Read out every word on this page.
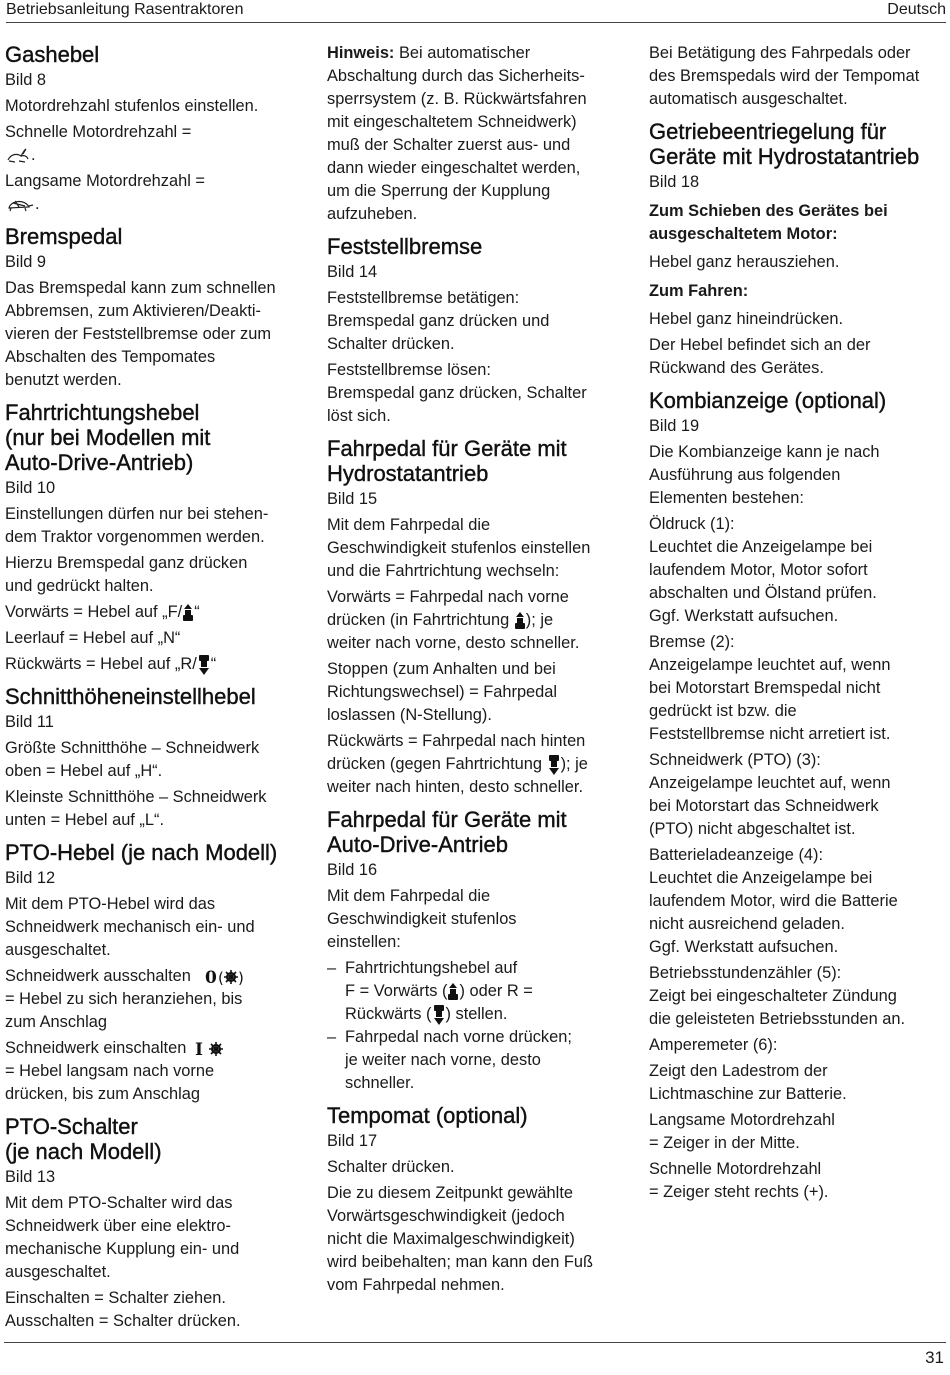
Betriebsanleitung Rasentraktoren	Deutsch
Gashebel

Bild 8

Motordrehzahl stufenlos einstellen.

Schnelle Motordrehzahl =
.

Langsame Motordrehzahl =
.

Bremspedal

Bild 9

Das Bremspedal kann zum schnellen
Abbremsen, zum Aktivieren/Deakti-
vieren der Feststellbremse oder zum
Abschalten des Tempomates
benutzt werden.

Fahrtrichtungshebel
(nur bei Modellen mit
Auto-Drive-Antrieb)

Bild 10

Einstellungen dürfen nur bei stehen-
dem Traktor vorgenommen werden.

Hierzu Bremspedal ganz drücken
und gedrückt halten.

Vorwärts = Hebel auf „F/ “

Leerlauf = Hebel auf „N“

Rückwärts = Hebel auf „R/ “

Schnitthöheneinstellhebel

Bild 11

Größte Schnitthöhe – Schneidwerk
oben = Hebel auf „H“.

Kleinste Schnitthöhe – Schneidwerk
unten = Hebel auf „L“.

PTO-Hebel (je nach Modell)

Bild 12

Mit dem PTO-Hebel wird das
Schneidwerk mechanisch ein- und
ausgeschaltet.

Schneidwerk ausschalten 0 ( )

= Hebel zu sich heranziehen, bis
zum Anschlag

Schneidwerk einschalten I

= Hebel langsam nach vorne
drücken, bis zum Anschlag

PTO-Schalter
(je nach Modell)

Bild 13

Mit dem PTO-Schalter wird das
Schneidwerk über eine elektro-
mechanische Kupplung ein- und
ausgeschaltet.

Einschalten = Schalter ziehen.

Ausschalten = Schalter drücken.

Hinweis: Bei automatischer
Abschaltung durch das Sicherheits-
sperrsystem (z. B. Rückwärtsfahren
mit eingeschaltetem Schneidwerk)
muß der Schalter zuerst aus- und
dann wieder eingeschaltet werden,
um die Sperrung der Kupplung
aufzuheben.

Feststellbremse

Bild 14

Feststellbremse betätigen:
Bremspedal ganz drücken und
Schalter drücken.

Feststellbremse lösen:
Bremspedal ganz drücken, Schalter
löst sich.

Fahrpedal für Geräte mit
Hydrostatantrieb

Bild 15

Mit dem Fahrpedal die
Geschwindigkeit stufenlos einstellen
und die Fahrtrichtung wechseln:

Vorwärts = Fahrpedal nach vorne
drücken (in Fahrtrichtung ); je
weiter nach vorne, desto schneller.

Stoppen (zum Anhalten und bei
Richtungswechsel) = Fahrpedal
loslassen (N-Stellung).

Rückwärts = Fahrpedal nach hinten
drücken (gegen Fahrtrichtung ); je
weiter nach hinten, desto schneller.

Fahrpedal für Geräte mit
Auto-Drive-Antrieb

Bild 16

Mit dem Fahrpedal die
Geschwindigkeit stufenlos
einstellen:

– Fahrtrichtungshebel auf
F = Vorwärts ( ) oder R =
Rückwärts ( ) stellen.
– Fahrpedal nach vorne drücken;
je weiter nach vorne, desto
schneller.
Tempomat (optional)

Bild 17

Schalter drücken.

Die zu diesem Zeitpunkt gewählte
Vorwärtsgeschwindigkeit (jedoch
nicht die Maximalgeschwindigkeit)
wird beibehalten; man kann den Fuß
vom Fahrpedal nehmen.

Bei Betätigung des Fahrpedals oder
des Bremspedals wird der Tempomat
automatisch ausgeschaltet.

Getriebeentriegelung für
Geräte mit Hydrostatantrieb

Bild 18

Zum Schieben des Gerätes bei
ausgeschaltetem Motor:

Hebel ganz herausziehen.

Zum Fahren:

Hebel ganz hineindrücken.

Der Hebel befindet sich an der
Rückwand des Gerätes.

Kombianzeige (optional)

Bild 19

Die Kombianzeige kann je nach
Ausführung aus folgenden
Elementen bestehen:

Öldruck (1):
Leuchtet die Anzeigelampe bei
laufendem Motor, Motor sofort
abschalten und Ölstand prüfen.
Ggf. Werkstatt aufsuchen.

Bremse (2):
Anzeigelampe leuchtet auf, wenn
bei Motorstart Bremspedal nicht
gedrückt ist bzw. die
Feststellbremse nicht arretiert ist.

Schneidwerk (PTO) (3):
Anzeigelampe leuchtet auf, wenn
bei Motorstart das Schneidwerk
(PTO) nicht abgeschaltet ist.

Batterieladeanzeige (4):
Leuchtet die Anzeigelampe bei
laufendem Motor, wird die Batterie
nicht ausreichend geladen.
Ggf. Werkstatt aufsuchen.

Betriebsstundenzähler (5):
Zeigt bei eingeschalteter Zündung
die geleisteten Betriebsstunden an.

Amperemeter (6):

Zeigt den Ladestrom der
Lichtmaschine zur Batterie.

Langsame Motordrehzahl
= Zeiger in der Mitte.

Schnelle Motordrehzahl
= Zeiger steht rechts (+).

31
